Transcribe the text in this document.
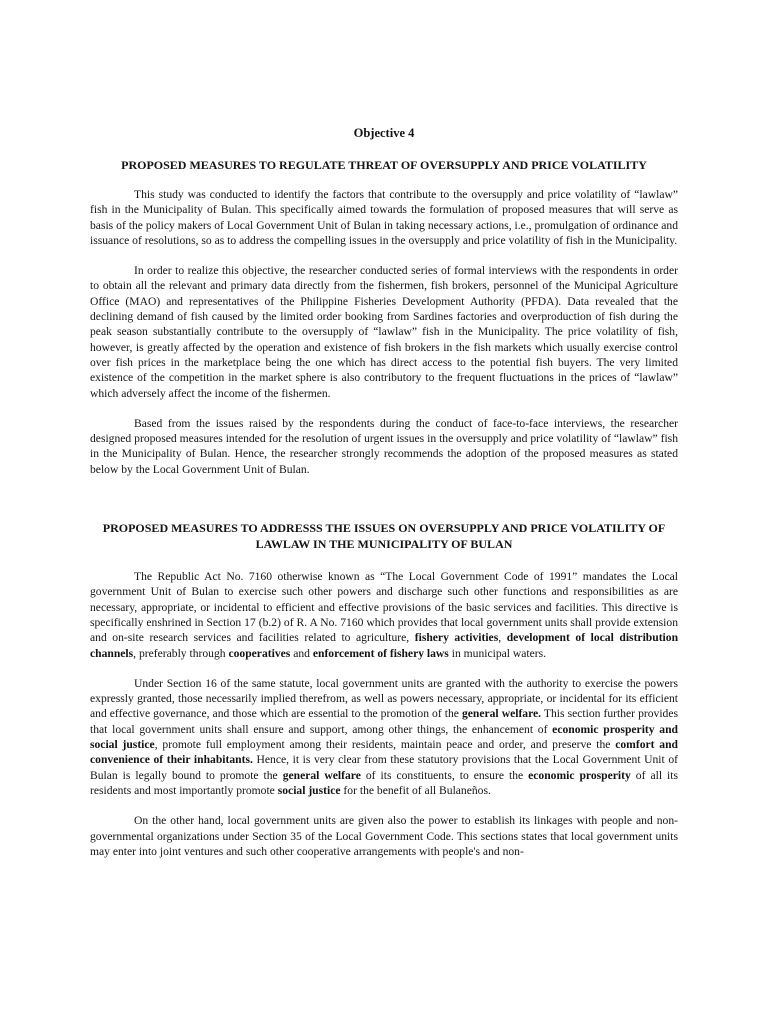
Objective 4
PROPOSED MEASURES TO REGULATE THREAT OF OVERSUPPLY AND PRICE VOLATILITY

This study was conducted to identify the factors that contribute to the oversupply and price volatility of “lawlaw” fish in the Municipality of Bulan. This specifically aimed towards the formulation of proposed measures that will serve as basis of the policy makers of Local Government Unit of Bulan in taking necessary actions, i.e., promulgation of ordinance and issuance of resolutions, so as to address the compelling issues in the oversupply and price volatility of fish in the Municipality.

In order to realize this objective, the researcher conducted series of formal interviews with the respondents in order to obtain all the relevant and primary data directly from the fishermen, fish brokers, personnel of the Municipal Agriculture Office (MAO) and representatives of the Philippine Fisheries Development Authority (PFDA). Data revealed that the declining demand of fish caused by the limited order booking from Sardines factories and overproduction of fish during the peak season substantially contribute to the oversupply of “lawlaw” fish in the Municipality. The price volatility of fish, however, is greatly affected by the operation and existence of fish brokers in the fish markets which usually exercise control over fish prices in the marketplace being the one which has direct access to the potential fish buyers. The very limited existence of the competition in the market sphere is also contributory to the frequent fluctuations in the prices of “lawlaw” which adversely affect the income of the fishermen.

Based from the issues raised by the respondents during the conduct of face-to-face interviews, the researcher designed proposed measures intended for the resolution of urgent issues in the oversupply and price volatility of “lawlaw” fish in the Municipality of Bulan. Hence, the researcher strongly recommends the adoption of the proposed measures as stated below by the Local Government Unit of Bulan.

PROPOSED MEASURES TO ADDRESSS THE ISSUES ON OVERSUPPLY AND PRICE VOLATILITY OF LAWLAW IN THE MUNICIPALITY OF BULAN

The Republic Act No. 7160 otherwise known as “The Local Government Code of 1991” mandates the Local government Unit of Bulan to exercise such other powers and discharge such other functions and responsibilities as are necessary, appropriate, or incidental to efficient and effective provisions of the basic services and facilities. This directive is specifically enshrined in Section 17 (b.2) of R. A No. 7160 which provides that local government units shall provide extension and on-site research services and facilities related to agriculture, fishery activities, development of local distribution channels, preferably through cooperatives and enforcement of fishery laws in municipal waters.

Under Section 16 of the same statute, local government units are granted with the authority to exercise the powers expressly granted, those necessarily implied therefrom, as well as powers necessary, appropriate, or incidental for its efficient and effective governance, and those which are essential to the promotion of the general welfare. This section further provides that local government units shall ensure and support, among other things, the enhancement of economic prosperity and social justice, promote full employment among their residents, maintain peace and order, and preserve the comfort and convenience of their inhabitants. Hence, it is very clear from these statutory provisions that the Local Government Unit of Bulan is legally bound to promote the general welfare of its constituents, to ensure the economic prosperity of all its residents and most importantly promote social justice for the benefit of all Bulaneños.

On the other hand, local government units are given also the power to establish its linkages with people and non-governmental organizations under Section 35 of the Local Government Code. This sections states that local government units may enter into joint ventures and such other cooperative arrangements with people's and non-
